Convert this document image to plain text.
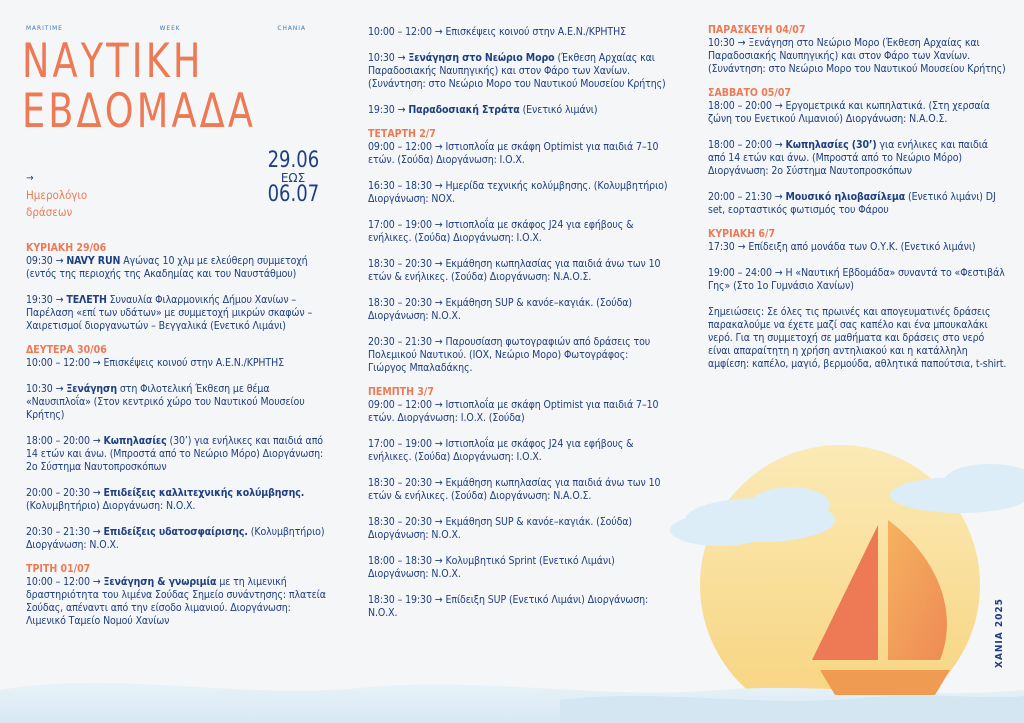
MARITIME	WEEK	CHANIA
ΝΑΥΤΙΚΗ
ΕΒΔΟΜΑΔΑ
→
Ημερολόγιο
δράσεων
29.06
ΕΩΣ
06.07
ΚΥΡΙΑΚΗ 29/06
09:30 → NAVY RUN Αγώνας 10 χλμ με ελεύθερη συμμετοχή (εντός της περιοχής της Ακαδημίας και του Ναυστάθμου)
19:30 → ΤΕΛΕΤΗ Συναυλία Φιλαρμονικής Δήμου Χανίων – Παρέλαση «επί των υδάτων» με συμμετοχή μικρών σκαφών – Χαιρετισμοί διοργανωτών – Βεγγαλικά (Ενετικό Λιμάνι)
ΔΕΥΤΕΡΑ 30/06
10:00 – 12:00 → Επισκέψεις κοινού στην Α.Ε.Ν./ΚΡΗΤΗΣ
10:30 → Ξενάγηση στη Φιλοτελική Έκθεση με θέμα «Ναυσιπλοΐα» (Στον κεντρικό χώρο του Ναυτικού Μουσείου Κρήτης)
18:00 – 20:00 → Κωπηλασίες (30’) για ενήλικες και παιδιά από 14 ετών και άνω. (Μπροστά από το Νεώριο Μόρο) Διοργάνωση: 2ο Σύστημα Ναυτοπροσκόπων
20:00 – 20:30 → Επιδείξεις καλλιτεχνικής κολύμβησης. (Κολυμβητήριο) Διοργάνωση: Ν.Ο.Χ.
20:30 – 21:30 → Επιδείξεις υδατοσφαίρισης. (Κολυμβητήριο) Διοργάνωση: Ν.Ο.Χ.
ΤΡΙΤΗ 01/07
10:00 – 12:00 → Ξενάγηση & γνωριμία με τη λιμενική δραστηριότητα του λιμένα Σούδας Σημείο συνάντησης: πλατεία Σούδας, απέναντι από την είσοδο λιμανιού. Διοργάνωση: Λιμενικό Ταμείο Νομού Χανίων
10:00 – 12:00 → Επισκέψεις κοινού στην Α.Ε.Ν./ΚΡΗΤΗΣ
10:30 → Ξενάγηση στο Νεώριο Μορο (Έκθεση Αρχαίας και Παραδοσιακής Ναυπηγικής) και στον Φάρο των Χανίων. (Συνάντηση: στο Νεώριο Μορο του Ναυτικού Μουσείου Κρήτης)
19:30 → Παραδοσιακή Στράτα (Ενετικό λιμάνι)
ΤΕΤΑΡΤΗ 2/7
09:00 – 12:00 → Ιστιοπλοΐα με σκάφη Optimist για παιδιά 7–10 ετών. (Σούδα) Διοργάνωση: Ι.Ο.Χ.
16:30 – 18:30 → Ημερίδα τεχνικής κολύμβησης. (Κολυμβητήριο) Διοργάνωση: ΝΟΧ.
17:00 – 19:00 → Ιστιοπλοΐα με σκάφος J24 για εφήβους & ενήλικες. (Σούδα) Διοργάνωση: Ι.Ο.Χ.
18:30 – 20:30 → Εκμάθηση κωπηλασίας για παιδιά άνω των 10 ετών & ενήλικες. (Σούδα) Διοργάνωση: Ν.Α.Ο.Σ.
18:30 – 20:30 → Εκμάθηση SUP & κανόε–καγιάκ. (Σούδα) Διοργάνωση: Ν.Ο.Χ.
20:30 – 21:30 → Παρουσίαση φωτογραφιών από δράσεις του Πολεμικού Ναυτικού. (ΙΟΧ, Νεώριο Μορο) Φωτογράφος: Γιώργος Μπαλαδάκης.
ΠΕΜΠΤΗ 3/7
09:00 – 12:00 → Ιστιοπλοΐα με σκάφη Optimist για παιδιά 7–10 ετών. Διοργάνωση: Ι.Ο.Χ. (Σούδα)
17:00 – 19:00 → Ιστιοπλοΐα με σκάφος J24 για εφήβους & ενήλικες. (Σούδα) Διοργάνωση: Ι.Ο.Χ.
18:30 – 20:30 → Εκμάθηση κωπηλασίας για παιδιά άνω των 10 ετών & ενήλικες. (Σούδα) Διοργάνωση: Ν.Α.Ο.Σ.
18:30 – 20:30 → Εκμάθηση SUP & κανόε–καγιάκ. (Σούδα) Διοργάνωση: Ν.Ο.Χ.
18:00 – 18:30 → Κολυμβητικό Sprint (Ενετικό Λιμάνι) Διοργάνωση: Ν.Ο.Χ.
18:30 – 19:30 → Επίδειξη SUP (Ενετικό Λιμάνι) Διοργάνωση: Ν.Ο.Χ.
ΠΑΡΑΣΚΕΥΗ 04/07
10:30 → Ξενάγηση στο Νεώριο Μορο (Έκθεση Αρχαίας και Παραδοσιακής Ναυπηγικής) και στον Φάρο των Χανίων. (Συνάντηση: στο Νεώριο Μορο του Ναυτικού Μουσείου Κρήτης)
ΣΑΒΒΑΤΟ 05/07
18:00 – 20:00 → Εργομετρικά και κωπηλατικά. (Στη χερσαία ζώνη του Ενετικού Λιμανιού) Διοργάνωση: Ν.Α.Ο.Σ.
18:00 – 20:00 → Κωπηλασίες (30’) για ενήλικες και παιδιά από 14 ετών και άνω. (Μπροστά από το Νεώριο Μόρο) Διοργάνωση: 2ο Σύστημα Ναυτοπροσκόπων
20:00 – 21:30 → Μουσικό ηλιοβασίλεμα (Ενετικό λιμάνι) DJ set, εορταστικός φωτισμός του Φάρου
ΚΥΡΙΑΚΗ 6/7
17:30 → Επίδειξη από μονάδα των Ο.Υ.Κ. (Ενετικό λιμάνι)
19:00 – 24:00 → Η «Ναυτική Εβδομάδα» συναντά το «Φεστιβάλ Γης» (Στο 1ο Γυμνάσιο Χανίων)
Σημειώσεις: Σε όλες τις πρωινές και απογευματινές δράσεις παρακαλούμε να έχετε μαζί σας καπέλο και ένα μπουκαλάκι νερό. Για τη συμμετοχή σε μαθήματα και δράσεις στο νερό είναι απαραίτητη η χρήση αντηλιακού και η κατάλληλη αμφίεση: καπέλο, μαγιό, βερμούδα, αθλητικά παπούτσια, t-shirt.
ΧΑΝΙΑ 2025
